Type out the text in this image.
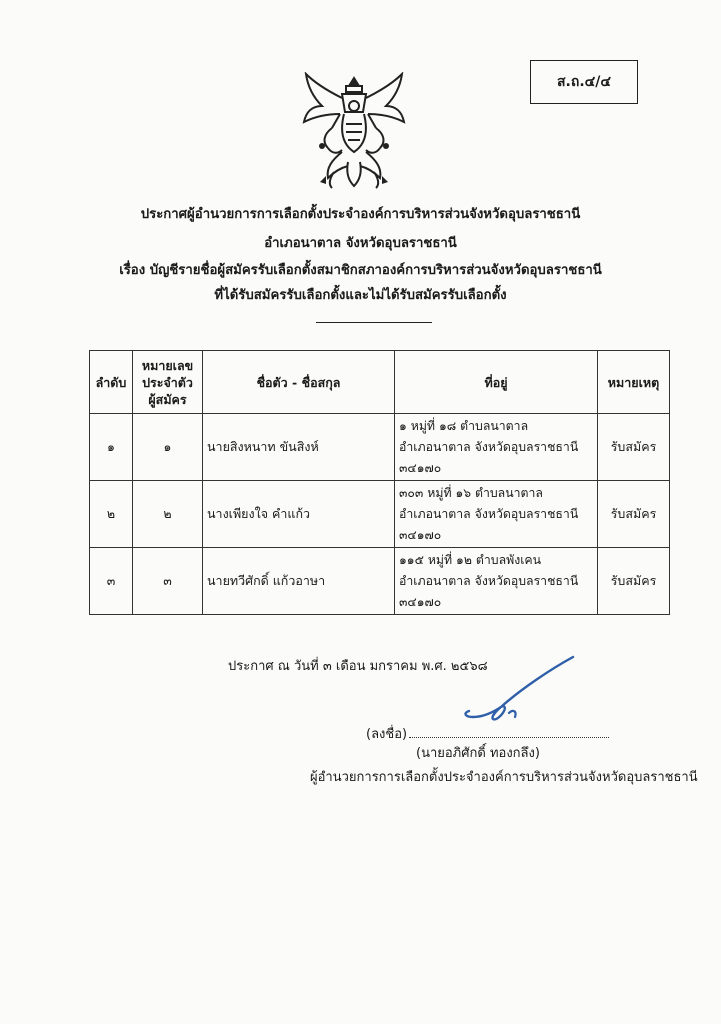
ส.ถ.๔/๔
ประกาศผู้อำนวยการการเลือกตั้งประจำองค์การบริหารส่วนจังหวัดอุบลราชธานี
อำเภอนาตาล จังหวัดอุบลราชธานี
เรื่อง บัญชีรายชื่อผู้สมัครรับเลือกตั้งสมาชิกสภาองค์การบริหารส่วนจังหวัดอุบลราชธานี
ที่ได้รับสมัครรับเลือกตั้งและไม่ได้รับสมัครรับเลือกตั้ง
ลำดับ	หมายเลข
ประจำตัว
ผู้สมัคร	ชื่อตัว - ชื่อสกุล	ที่อยู่	หมายเหตุ
๑	๑	นายสิงหนาท ขันสิงห์	๑ หมู่ที่ ๑๘ ตำบลนาตาล
อำเภอนาตาล จังหวัดอุบลราชธานี
๓๔๑๗๐	รับสมัคร
๒	๒	นางเพียงใจ คำแก้ว	๓๐๓ หมู่ที่ ๑๖ ตำบลนาตาล
อำเภอนาตาล จังหวัดอุบลราชธานี
๓๔๑๗๐	รับสมัคร
๓	๓	นายทวีศักดิ์ แก้วอาษา	๑๑๕ หมู่ที่ ๑๒ ตำบลพังเคน
อำเภอนาตาล จังหวัดอุบลราชธานี
๓๔๑๗๐	รับสมัคร
ประกาศ ณ วันที่ ๓ เดือน มกราคม พ.ศ. ๒๕๖๘
(ลงชื่อ)
(นายอภิศักดิ์ ทองกลึง)
ผู้อำนวยการการเลือกตั้งประจำองค์การบริหารส่วนจังหวัดอุบลราชธานี
